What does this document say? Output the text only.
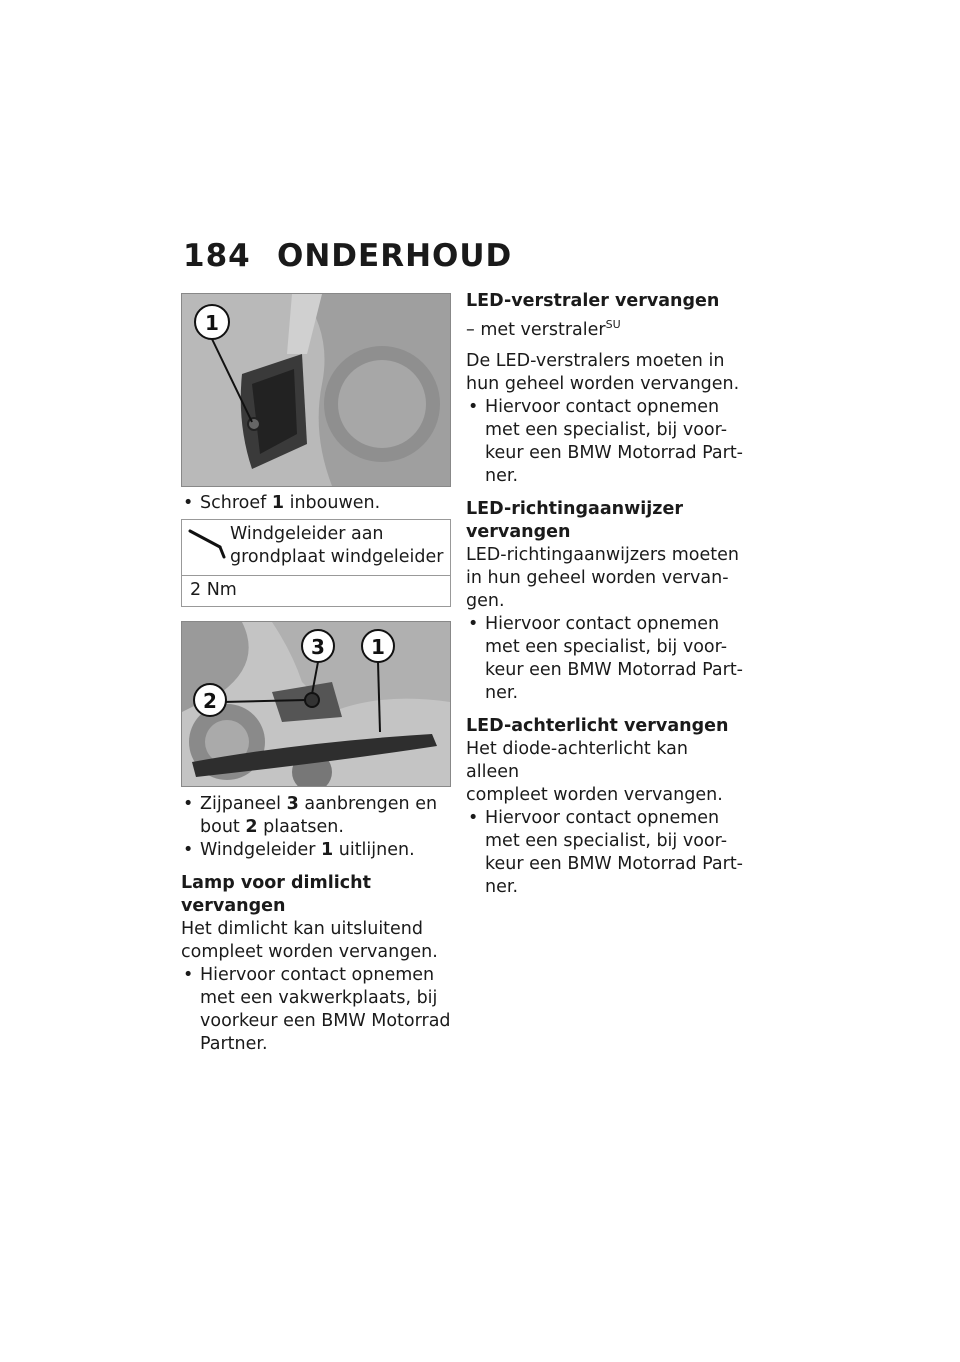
184 ONDERHOUD
1

• Schroef 1 inbouwen.

Windgeleider aan

grondplaat windgeleider

2 Nm
3 1
2

• Zijpaneel 3 aanbrengen en
bout 2 plaatsen.

• Windgeleider 1 uitlijnen.

Lamp voor dimlicht vervangen

Het dimlicht kan uitsluitend

compleet worden vervangen.

• Hiervoor contact opnemen
met een vakwerkplaats, bij
voorkeur een BMW Motorrad
Partner.

LED-verstraler vervangen

– met verstraler$^{SU}$

De LED-verstralers moeten in

hun geheel worden vervangen.

• Hiervoor contact opnemen
met een specialist, bij voor-
keur een BMW Motorrad Part-
ner.

LED-richtingaanwijzer

vervangen

LED-richtingaanwijzers moeten

in hun geheel worden vervan-

gen.

• Hiervoor contact opnemen
met een specialist, bij voor-
keur een BMW Motorrad Part-
ner.

LED-achterlicht vervangen

Het diode-achterlicht kan alleen

compleet worden vervangen.

• Hiervoor contact opnemen
met een specialist, bij voor-
keur een BMW Motorrad Part-
ner.
